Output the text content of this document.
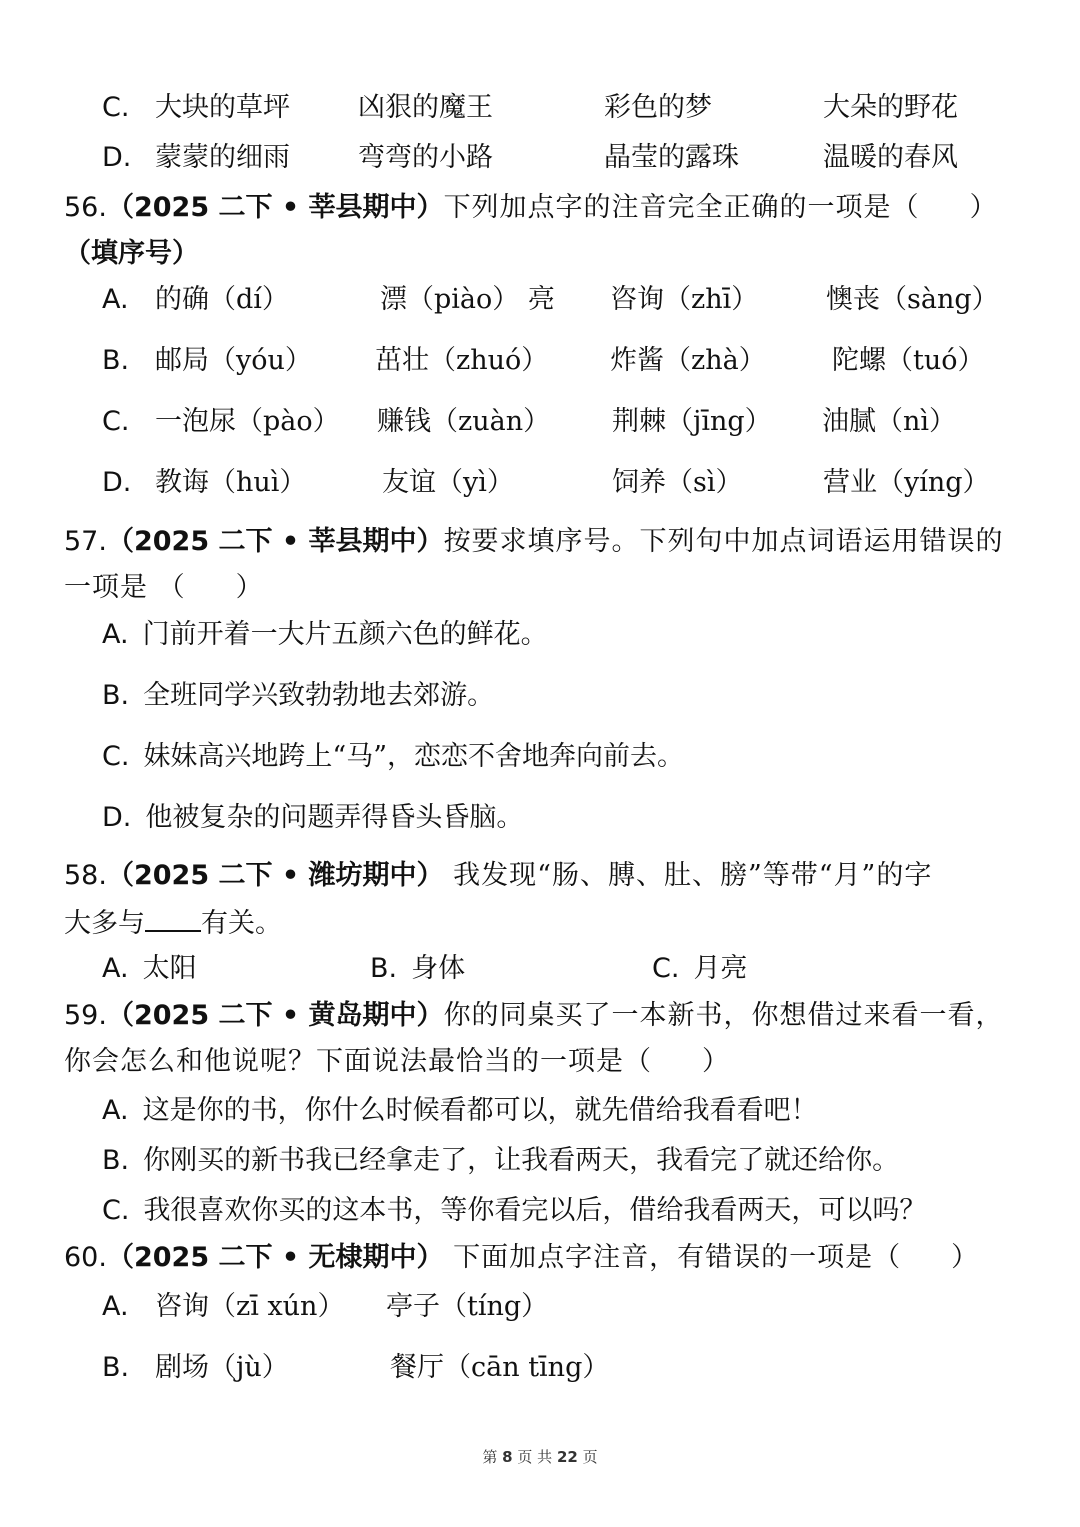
C. 大块的草坪	凶狠的魔王	彩色的梦	大朵的野花
D. 蒙蒙的细雨	弯弯的小路	晶莹的露珠	温暖的春风
56.（2025 二下 • 莘县期中）下列加点字的注音完全正确的一项是（ ）
（填序号）
A. 的确（dí）	漂（piào） 亮 咨询（zhī）	懊丧（sàng）
B. 邮局（yóu） 茁壮（zhuó） 炸酱（zhà） 陀螺（tuó）
C. 一泡尿（pào） 赚钱（zuàn） 荆棘（jīng） 油腻（nì）
D. 教诲（huì）	友谊（yì）	饲养（sì）	营业（yíng）
57.（2025 二下 • 莘县期中）按要求填序号。下列句中加点词语运用错误的
一项是 （ ）
A. 门前开着一大片五颜六色的鲜花。
B. 全班同学兴致勃勃地去郊游。
C. 妹妹高兴地跨上“马”，恋恋不舍地奔向前去。
D. 他被复杂的问题弄得昏头昏脑。
58.（2025 二下 • 潍坊期中） 我发现“肠、膊、肚、膀”等带“月”的字
大多与 有关。
A. 太阳	B. 身体	C. 月亮
59.（2025 二下 • 黄岛期中）你的同桌买了一本新书，你想借过来看一看，
你会怎么和他说呢？下面说法最恰当的一项是（ ）
A. 这是你的书，你什么时候看都可以，就先借给我看看吧！
B. 你刚买的新书我已经拿走了，让我看两天，我看完了就还给你。
C. 我很喜欢你买的这本书，等你看完以后，借给我看两天，可以吗？
60.（2025 二下 • 无棣期中） 下面加点字注音，有错误的一项是（ ）
A. 咨询（zī xún） 亭子（tíng）
B. 剧场（jù）	餐厅（cān tīng）
第 8 页 共 22 页
